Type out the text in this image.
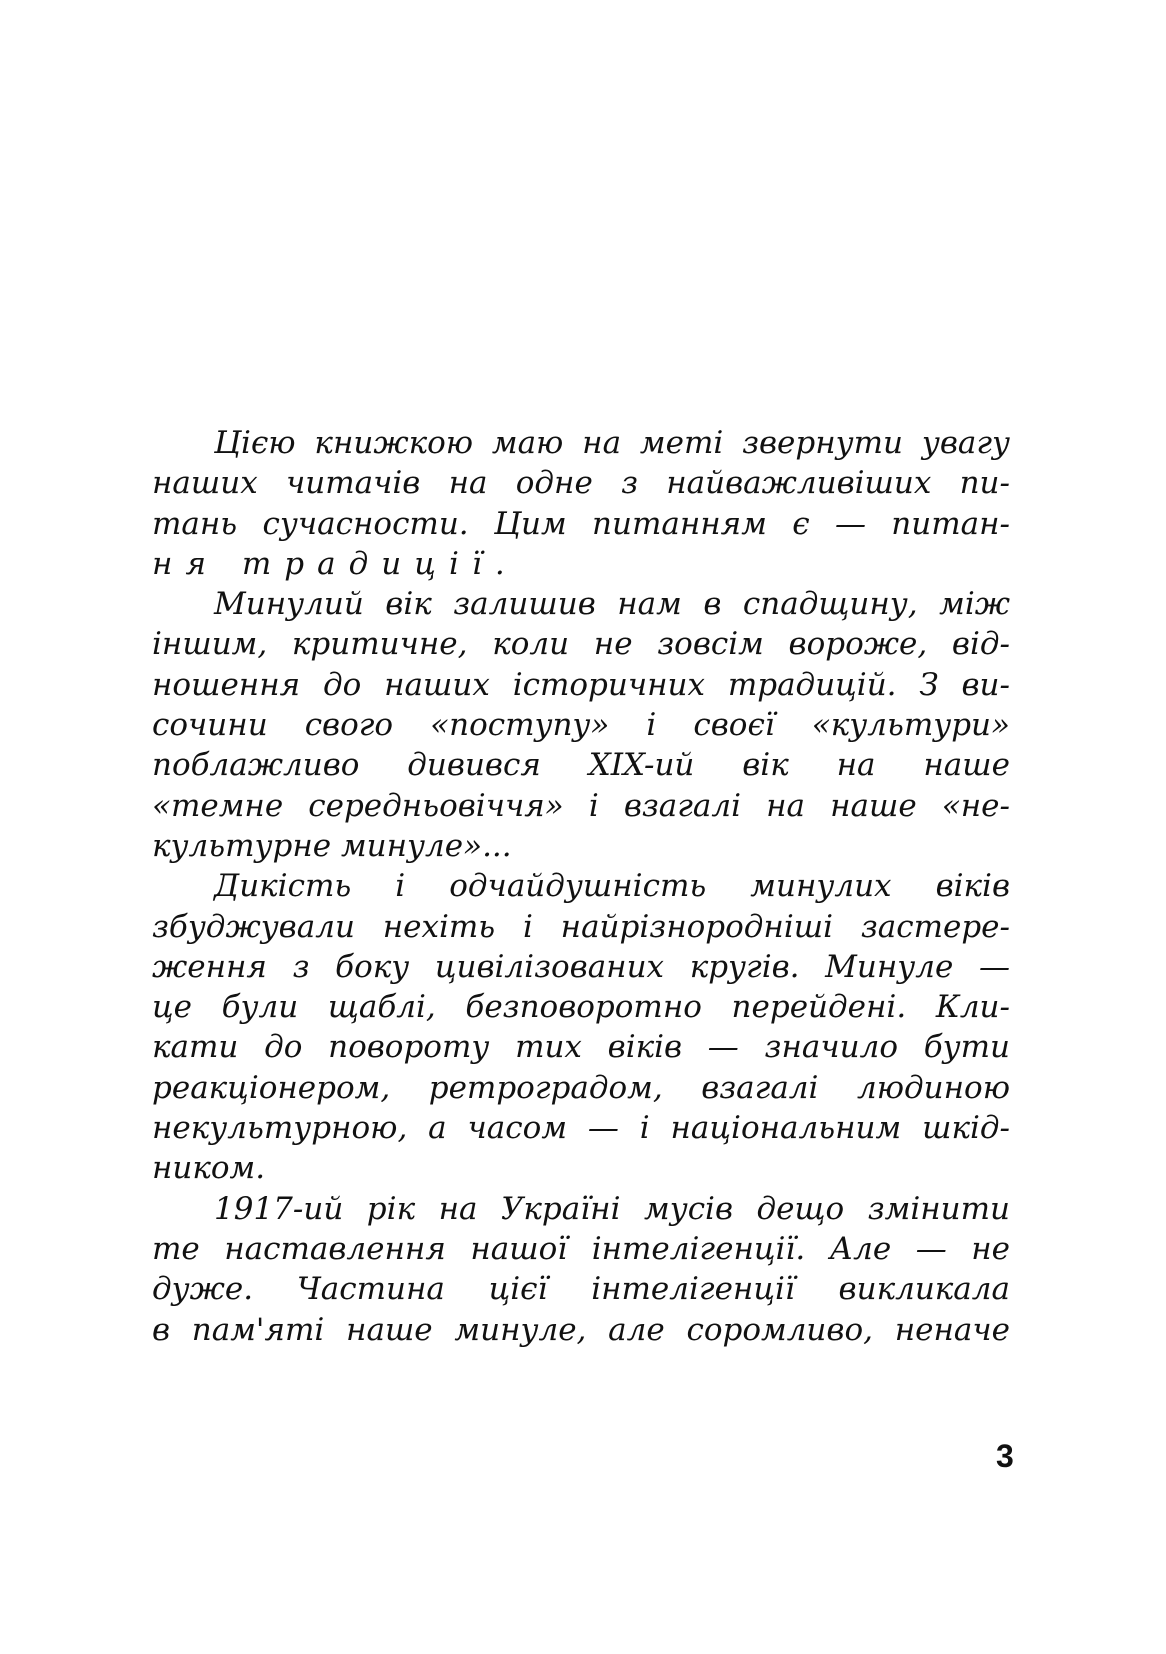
Цією книжкою маю на меті звернути увагу
наших читачів на одне з найважливіших пи-
тань сучасности. Цим питанням є — питан-
ня традиції.
Минулий вік залишив нам в спадщину, між
іншим, критичне, коли не зовсім вороже, від-
ношення до наших історичних традицій. З ви-
сочини свого «поступу» і своєї «культури»
поблажливо дивився XIX-ий вік на наше
«темне середньовіччя» і взагалі на наше «не-
культурне минуле»...
Дикість і одчайдушність минулих віків
збуджували нехіть і найрізнородніші застере-
ження з боку цивілізованих кругів. Минуле —
це були щаблі, безповоротно перейдені. Кли-
кати до повороту тих віків — значило бути
реакціонером, ретроградом, взагалі людиною
некультурною, а часом — і національним шкід-
ником.
1917-ий рік на Україні мусів дещо змінити
те наставлення нашої інтелігенції. Але — не
дуже. Частина цієї інтелігенції викликала
в пам'яті наше минуле, але соромливо, неначе
3
